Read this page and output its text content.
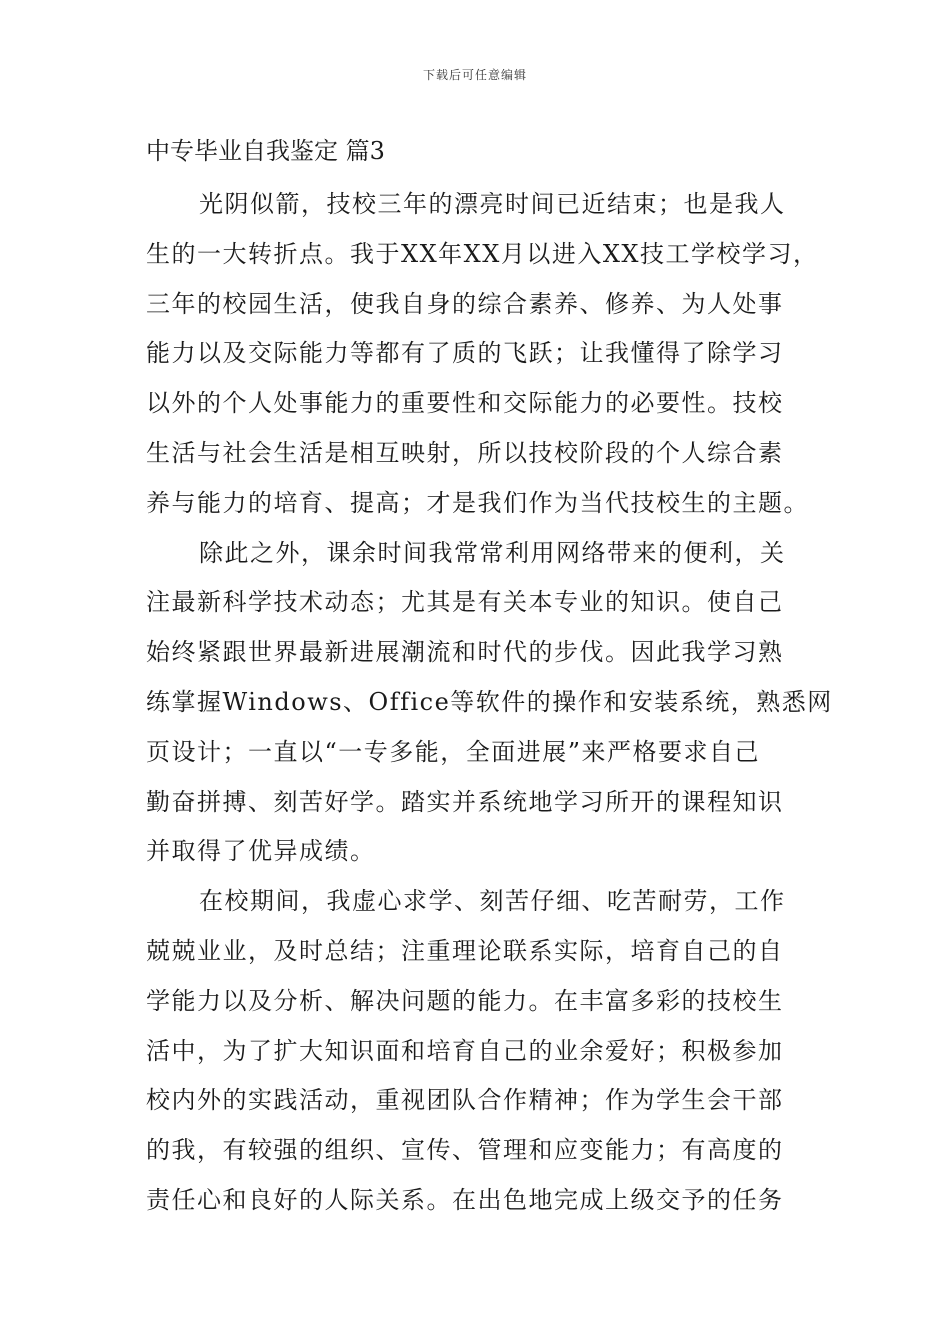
下载后可任意编辑
中专毕业自我鉴定 篇3
光阴似箭，技校三年的漂亮时间已近结束；也是我人
生的一大转折点。我于XX年XX月以进入XX技工学校学习，
三年的校园生活，使我自身的综合素养、修养、为人处事
能力以及交际能力等都有了质的飞跃；让我懂得了除学习
以外的个人处事能力的重要性和交际能力的必要性。技校
生活与社会生活是相互映射，所以技校阶段的个人综合素
养与能力的培育、提高；才是我们作为当代技校生的主题。
除此之外，课余时间我常常利用网络带来的便利，关
注最新科学技术动态；尤其是有关本专业的知识。使自己
始终紧跟世界最新进展潮流和时代的步伐。因此我学习熟
练掌握Windows、Office等软件的操作和安装系统，熟悉网
页设计；一直以“一专多能，全面进展”来严格要求自己
勤奋拼搏、刻苦好学。踏实并系统地学习所开的课程知识
并取得了优异成绩。
在校期间，我虚心求学、刻苦仔细、吃苦耐劳，工作
兢兢业业，及时总结；注重理论联系实际，培育自己的自
学能力以及分析、解决问题的能力。在丰富多彩的技校生
活中，为了扩大知识面和培育自己的业余爱好；积极参加
校内外的实践活动，重视团队合作精神；作为学生会干部
的我，有较强的组织、宣传、管理和应变能力；有高度的
责任心和良好的人际关系。在出色地完成上级交予的任务
